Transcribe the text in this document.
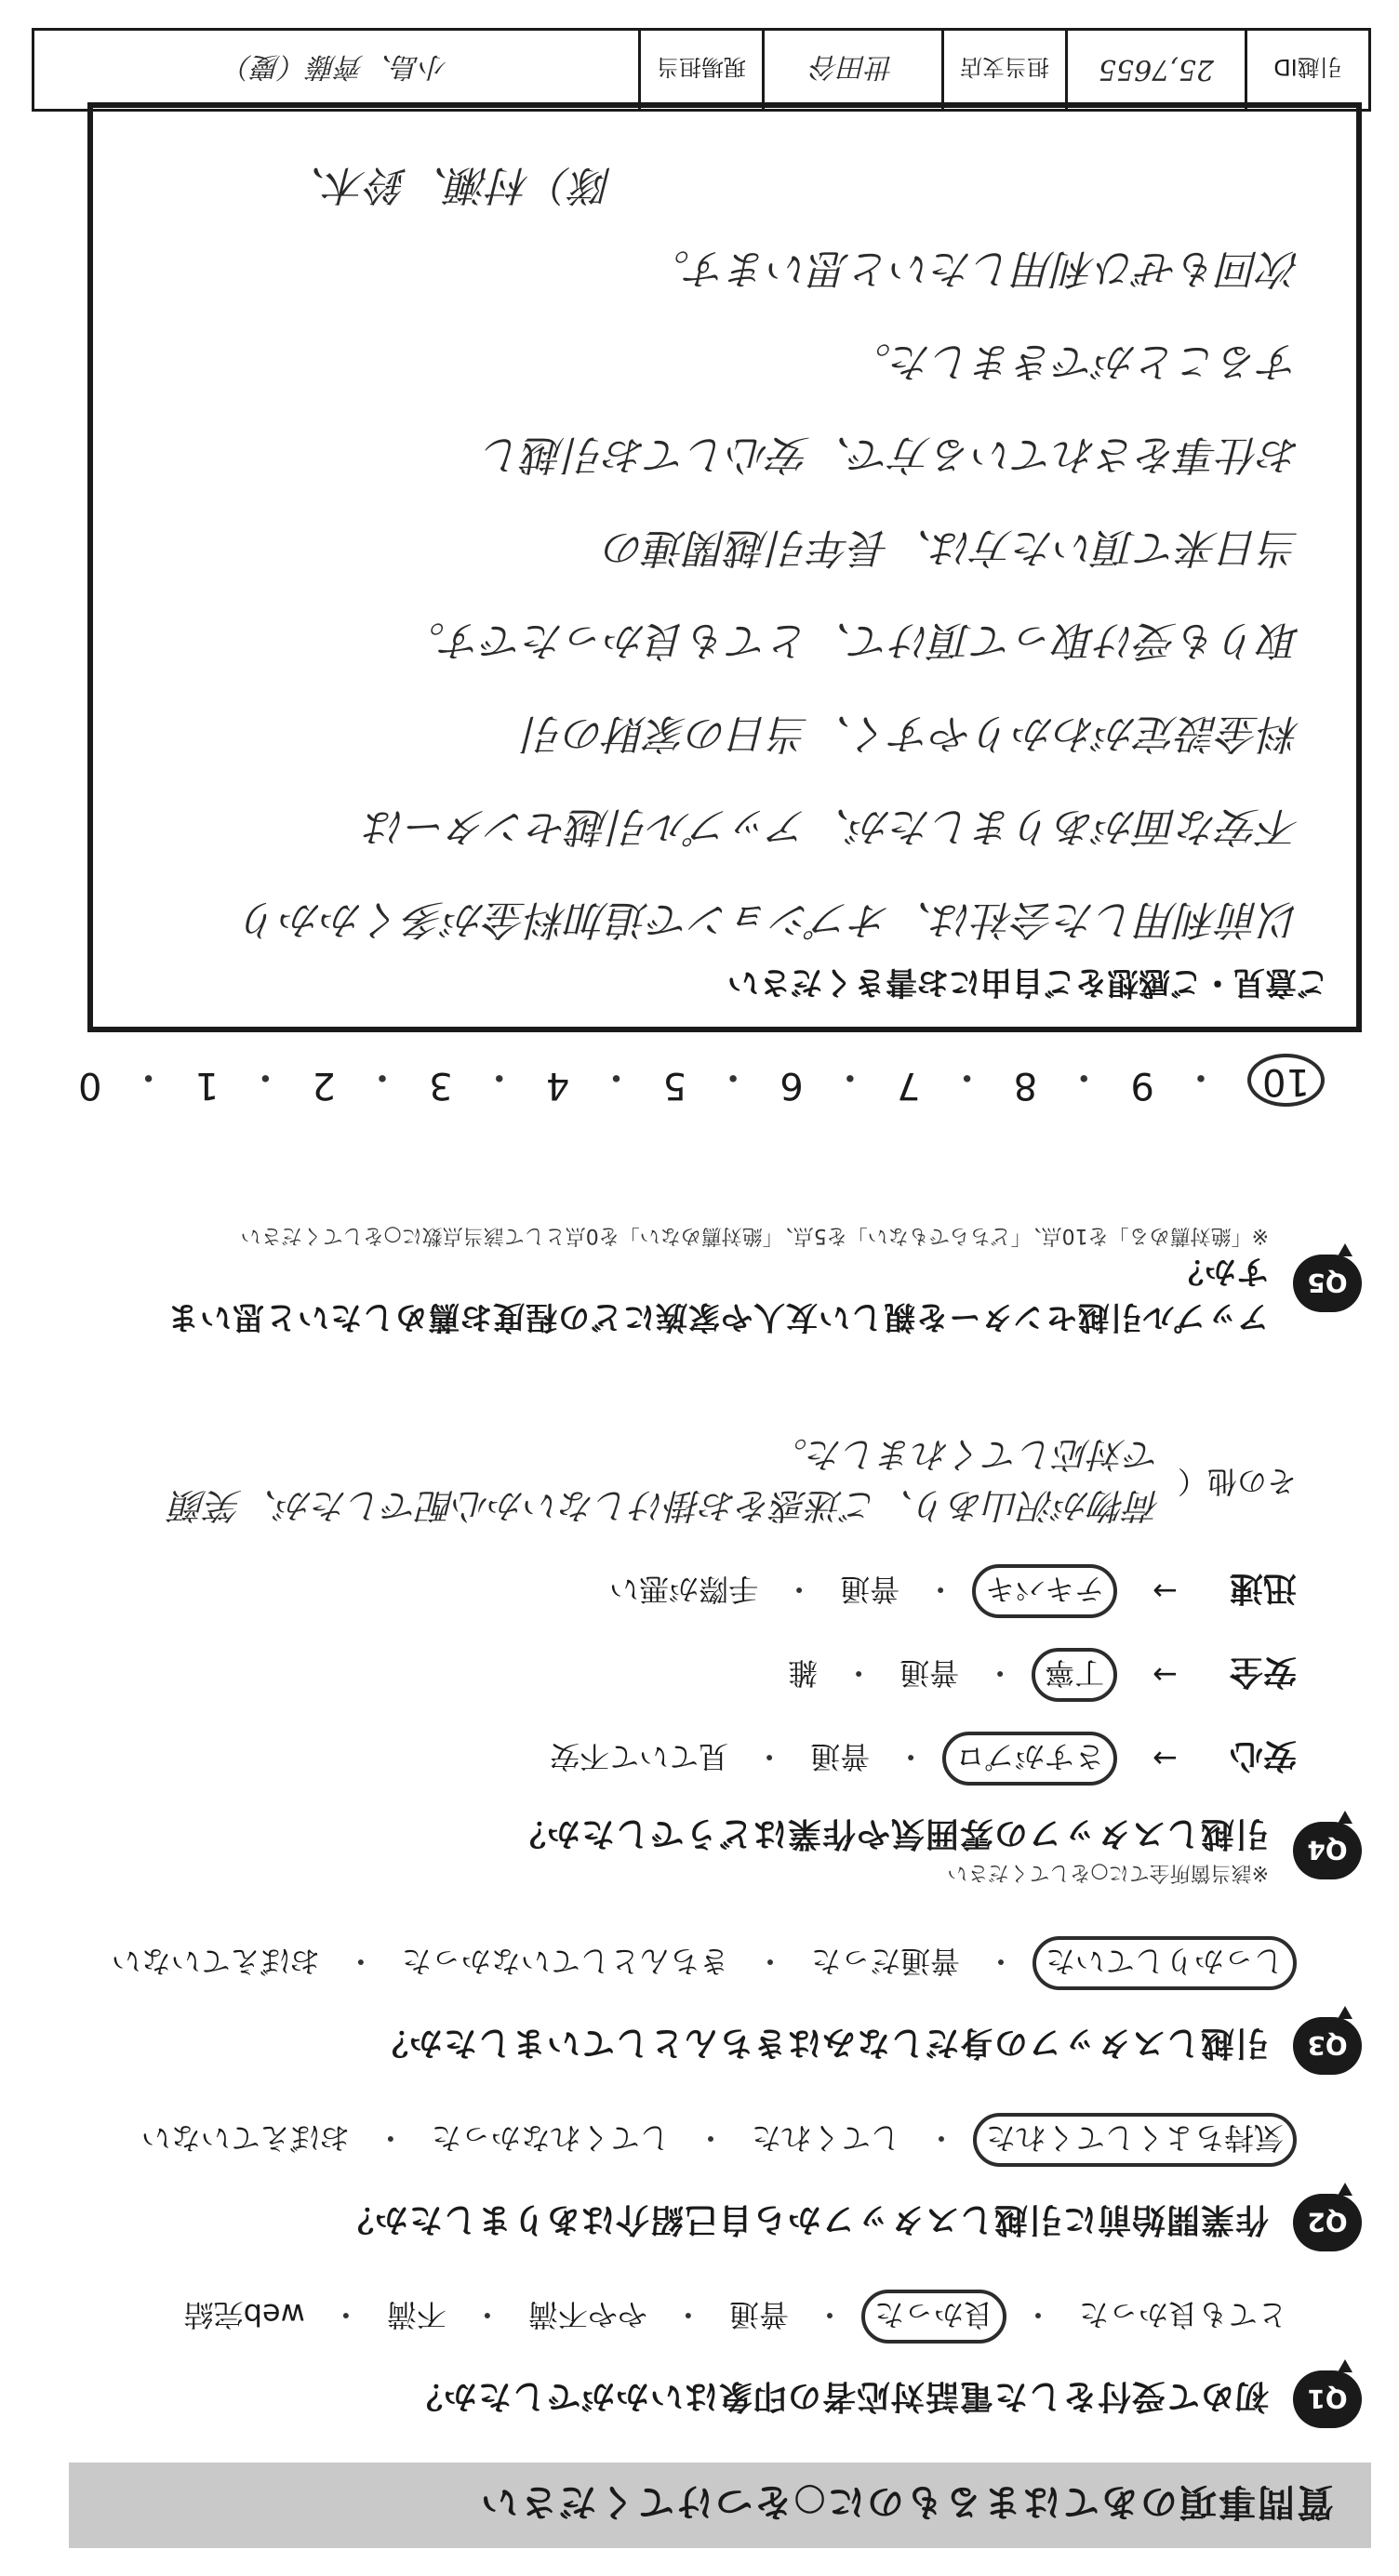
質問事項のあてはまるものに○をつけてください
Q1
初めて受付をした電話対応者の印象はいかがでしたか？
とても良かった
・
良かった
・
普通
・
やや不満
・
不満
・
web完結
Q2
作業開始前に引越しスタッフから自己紹介はありましたか？
気持ちよくしてくれた
・
してくれた
・
してくれなかった
・
おぼえていない
Q3
引越しスタッフの身だしなみはきちんとしていましたか？
しっかりしていた
・
普通だった
・
きちんとしていなかった
・
おぼえていない
Q4
※該当箇所全てに○をしてください
引越しスタッフの雰囲気や作業はどうでしたか？
安心
→
さすがプロ
・
普通
・
見ていて不安
安全
→
丁寧
・
普通
・
雑
迅速
→
テキパキ
・
普通
・
手際が悪い
その他（
荷物が沢山あり、ご迷惑をお掛けしないか心配でしたが、笑顔で対応してくれました。
Q5
アップル引越センターを親しい友人や家族にどの程度お薦めしたいと思いますか？
※「絶対薦める」を10点、「どちらでもない」を5点、「絶対薦めない」を0点として該当点数に○をしてください
10
・
9
・
8
・
7
・
6
・
5
・
4
・
3
・
2
・
1
・
0
ご意見・ご感想をご自由にお書きください
以前利用した会社は、オプションで追加料金が多くかかり
不安な面がありましたが、アップル引越センターは
料金設定がわかりやすく、当日の家財の引
取りも受け取って頂けて、とても良かったです。
当日来て頂いた方は、長年引越関連の
お仕事をされている方で、安心してお引越し
することができました。
次回もぜひ利用したいと思います。
隊）村瀬、鈴木、
引越ID
25,7655
担当支店
世田谷
現場担当
小島、齊藤（慶）
